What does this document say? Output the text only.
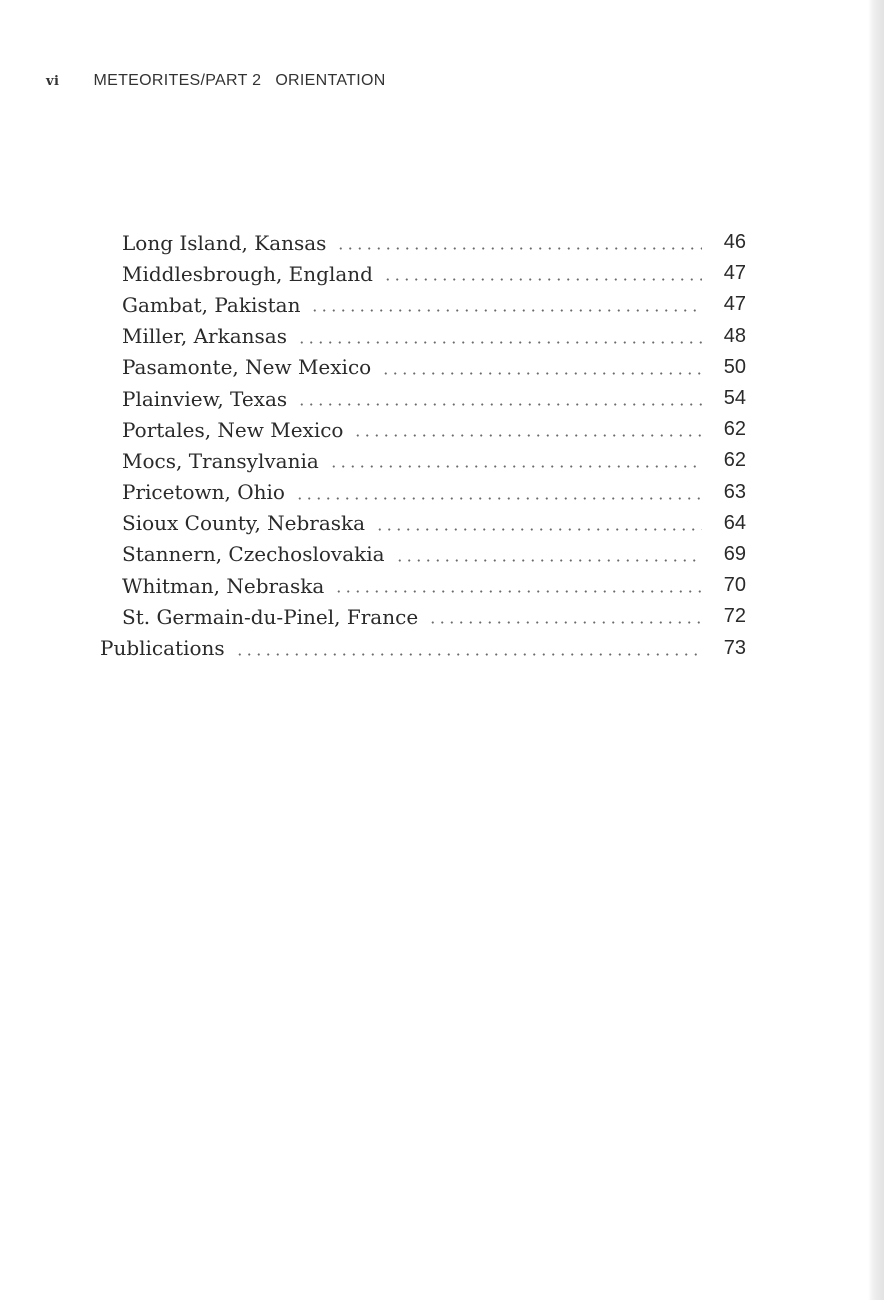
vi METEORITES/PART 2 ORIENTATION
Long Island, Kansas	46
Middlesbrough, England	47
Gambat, Pakistan	47
Miller, Arkansas	48
Pasamonte, New Mexico	50
Plainview, Texas	54
Portales, New Mexico	62
Mocs, Transylvania	62
Pricetown, Ohio	63
Sioux County, Nebraska	64
Stannern, Czechoslovakia	69
Whitman, Nebraska	70
St. Germain-du-Pinel, France	72
Publications	73
